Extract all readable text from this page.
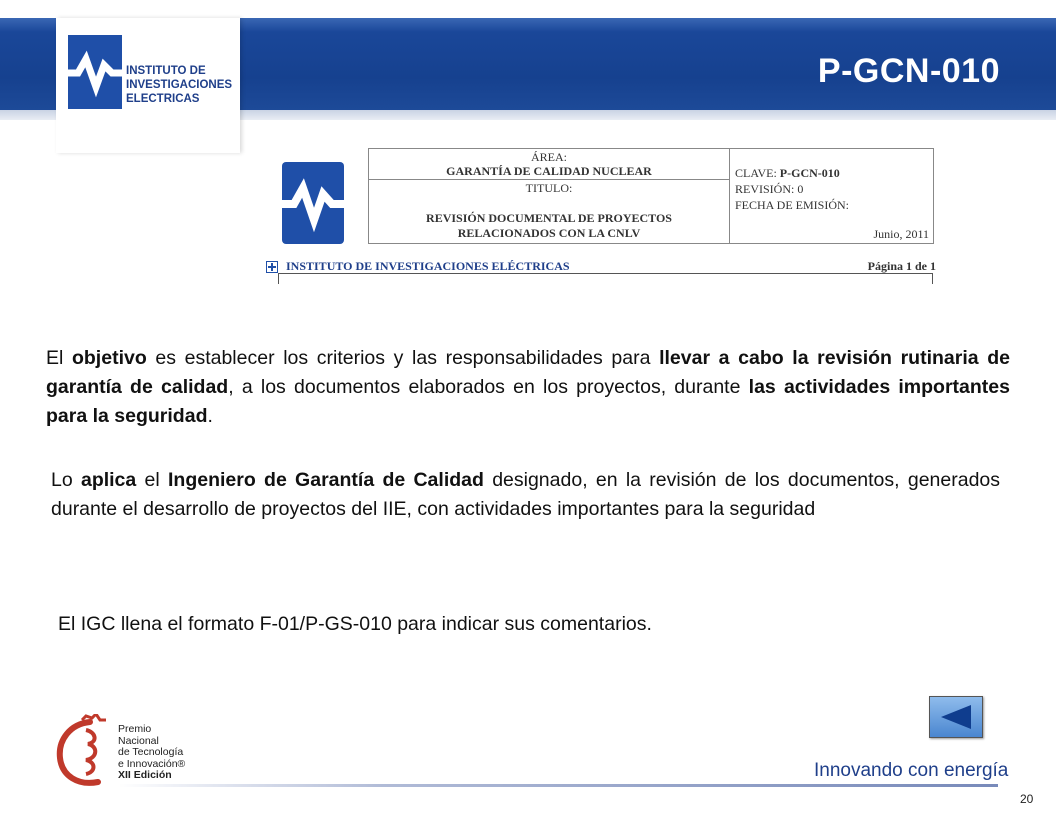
INSTITUTO DE
INVESTIGACIONES
ELECTRICAS
P-GCN-010
ÁREA:
GARANTÍA DE CALIDAD NUCLEAR
TITULO:
REVISIÓN DOCUMENTAL DE PROYECTOS
RELACIONADOS CON LA CNLV
CLAVE: P-GCN-010
REVISIÓN: 0
FECHA DE EMISIÓN:
Junio, 2011
INSTITUTO DE INVESTIGACIONES ELÉCTRICAS	Página 1 de 1
El objetivo es establecer los criterios y las responsabilidades para llevar a cabo la revisión rutinaria de garantía de calidad, a los documentos elaborados en los proyectos, durante las actividades importantes para la seguridad.
Lo aplica el Ingeniero de Garantía de Calidad designado, en la revisión de los documentos, generados durante el desarrollo de proyectos del IIE, con actividades importantes para la seguridad
El IGC llena el formato F-01/P-GS-010 para indicar sus comentarios.
Premio
Nacional
de Tecnología
e Innovación®
XII Edición	Innovando con energía
20
